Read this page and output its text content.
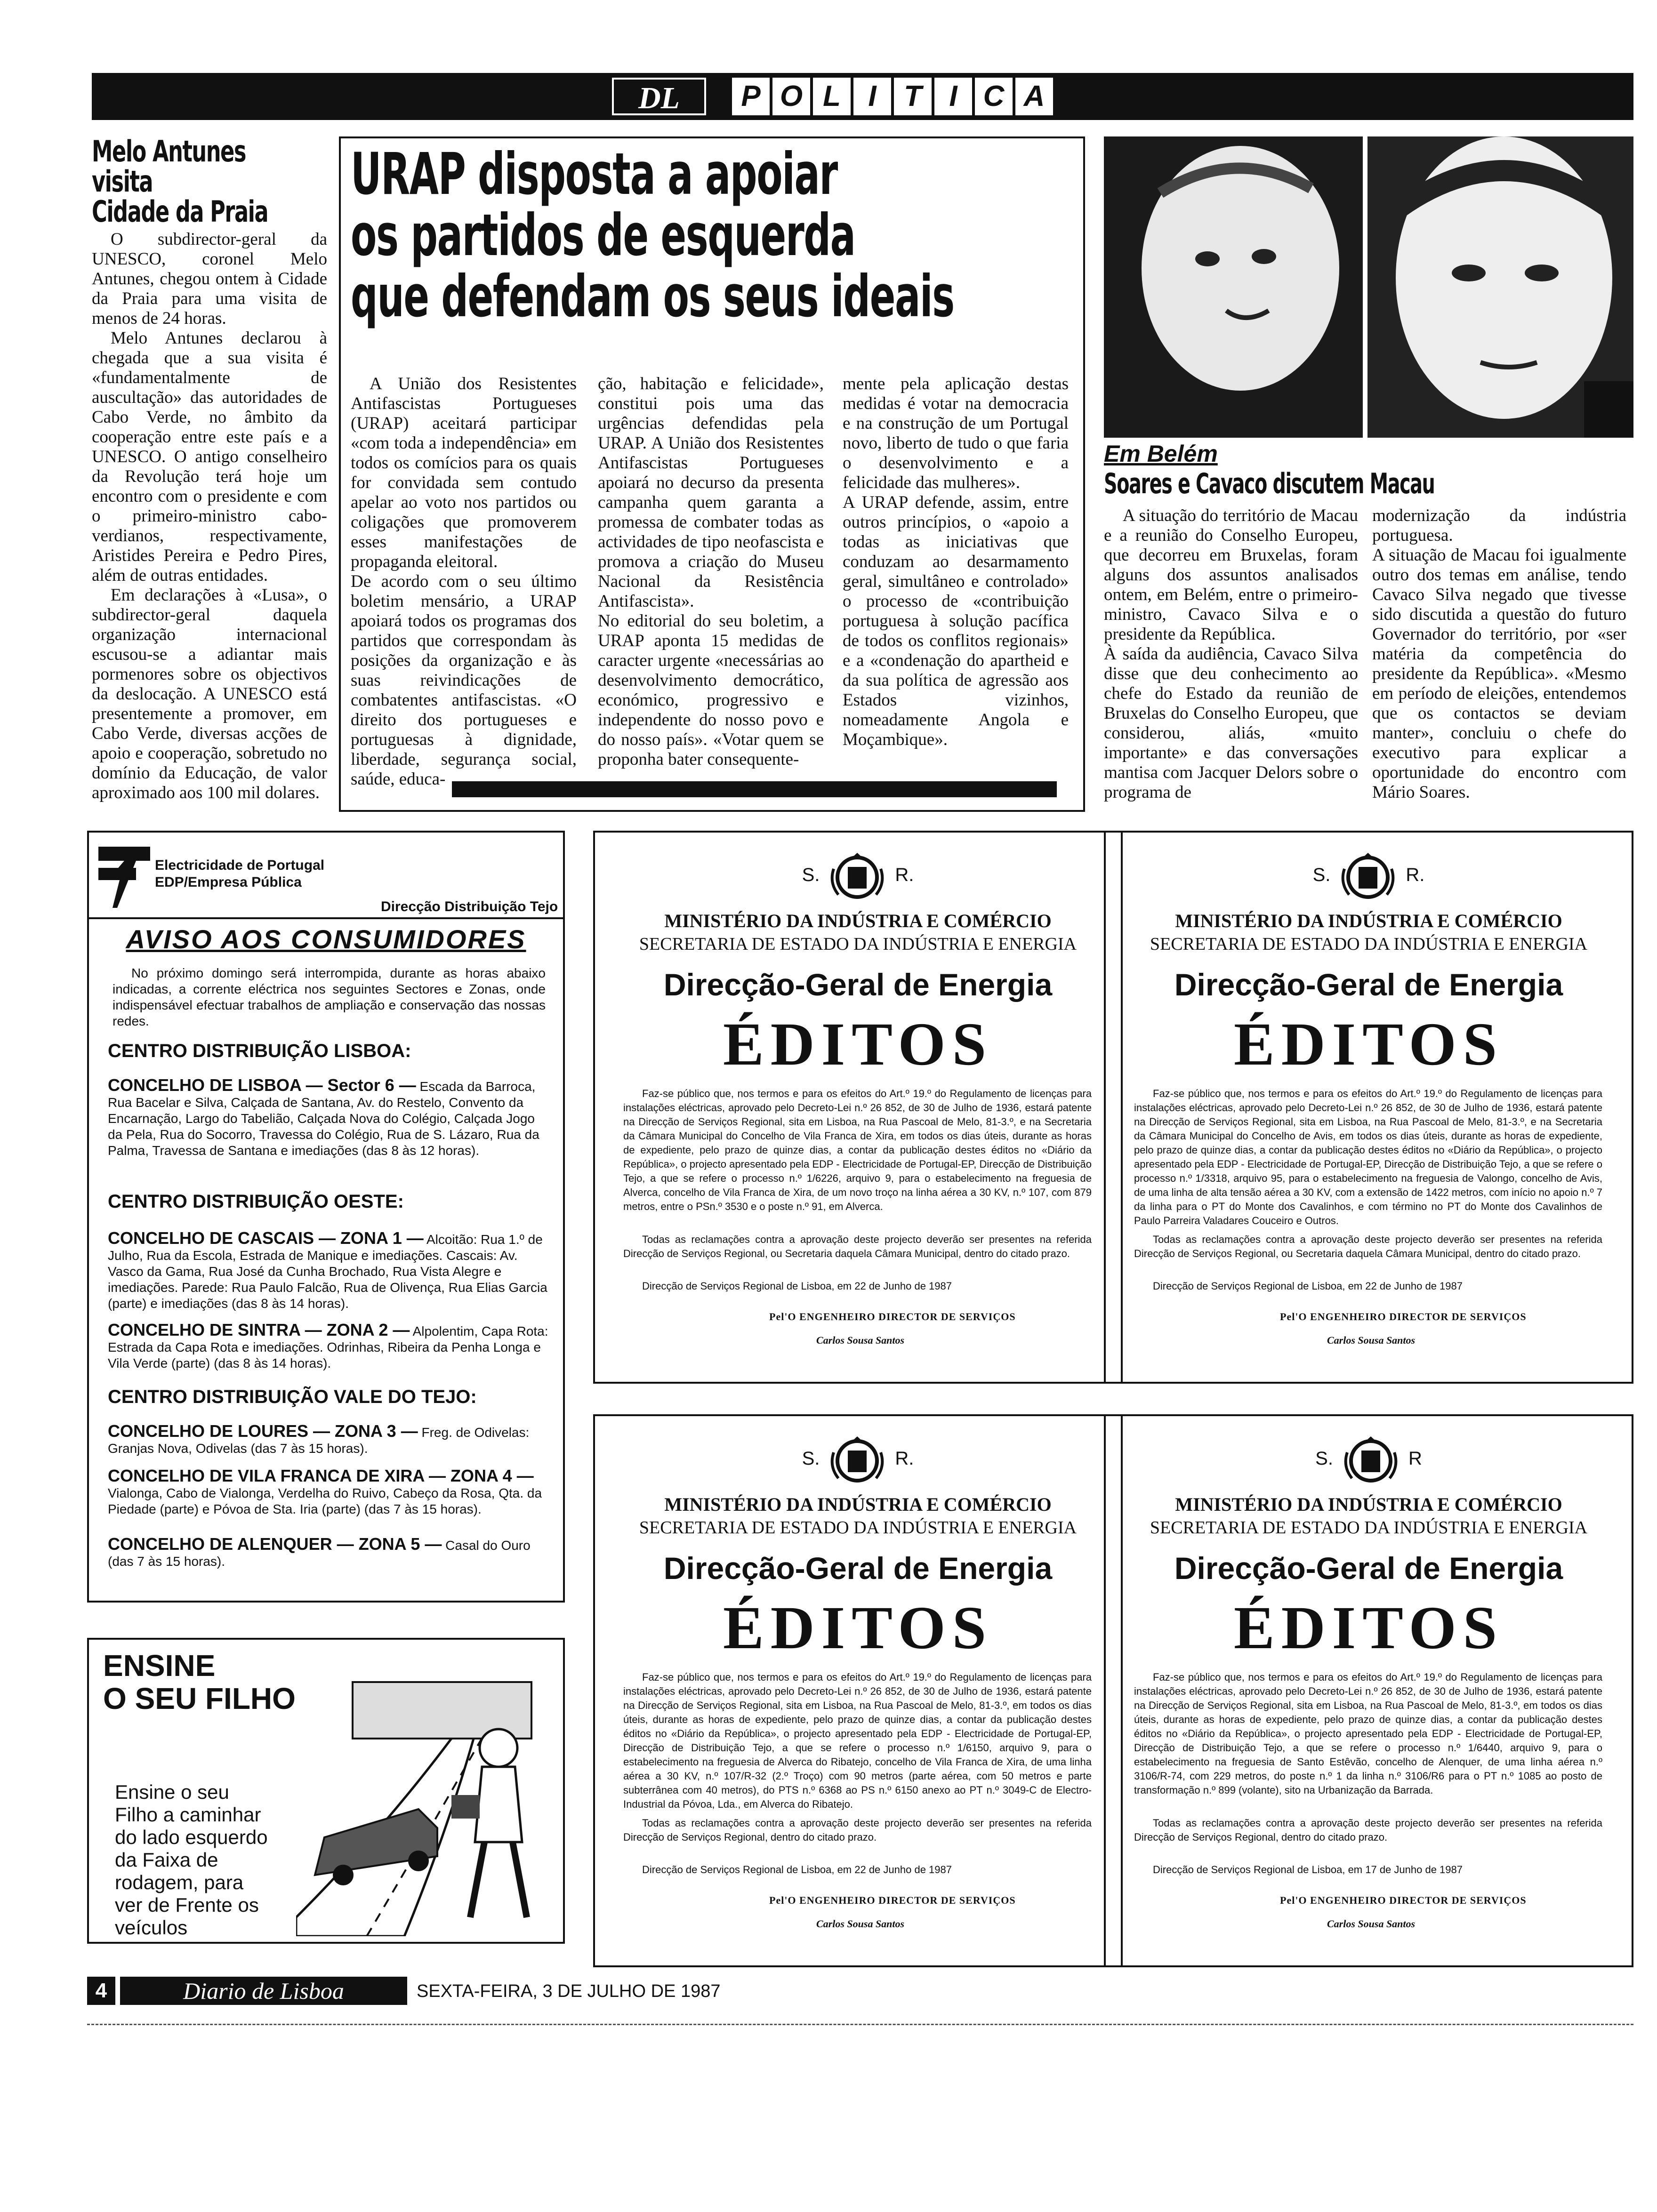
DL	P O L I T I C A
Melo Antunes
visita
Cidade da Praia
O subdirector-geral da UNESCO, coronel Melo Antunes, chegou ontem à Cidade da Praia para uma visita de menos de 24 horas.
Melo Antunes declarou à chegada que a sua visita é «fundamentalmente de auscultação» das autoridades de Cabo Verde, no âmbito da cooperação entre este país e a UNESCO. O antigo conselheiro da Revolução terá hoje um encontro com o presidente e com o primeiro-ministro cabo-verdianos, respectivamente, Aristides Pereira e Pedro Pires, além de outras entidades.
Em declarações à «Lusa», o subdirector-geral daquela organização internacional escusou-se a adiantar mais pormenores sobre os objectivos da deslocação. A UNESCO está presentemente a promover, em Cabo Verde, diversas acções de apoio e cooperação, sobretudo no domínio da Educação, de valor aproximado aos 100 mil dolares.
URAP disposta a apoiar
os partidos de esquerda
que defendam os seus ideais
A União dos Resistentes Antifascistas Portugueses (URAP) aceitará participar «com toda a independência» em todos os comícios para os quais for convidada sem contudo apelar ao voto nos partidos ou coligações que promoverem esses manifestações de propaganda eleitoral.
De acordo com o seu último boletim mensário, a URAP apoiará todos os programas dos partidos que correspondam às posições da organização e às suas reivindicações de combatentes antifascistas. «O direito dos portugueses e portuguesas à dignidade, liberdade, segurança social, saúde, educa-
ção, habitação e felicidade», constitui pois uma das urgências defendidas pela URAP. A União dos Resistentes Antifascistas Portugueses apoiará no decurso da presenta campanha quem garanta a promessa de combater todas as actividades de tipo neofascista e promova a criação do Museu Nacional da Resistência Antifascista».
No editorial do seu boletim, a URAP aponta 15 medidas de caracter urgente «necessárias ao desenvolvimento democrático, económico, progressivo e independente do nosso povo e do nosso país». «Votar quem se proponha bater consequente-
mente pela aplicação destas medidas é votar na democracia e na construção de um Portugal novo, liberto de tudo o que faria o desenvolvimento e a felicidade das mulheres».
A URAP defende, assim, entre outros princípios, o «apoio a todas as iniciativas que conduzam ao desarmamento geral, simultâneo e controlado» o processo de «contribuição portuguesa à solução pacífica de todos os conflitos regionais» e a «condenação do apartheid e da sua política de agressão aos Estados vizinhos, nomeadamente Angola e Moçambique».
Em Belém
Soares e Cavaco discutem Macau
A situação do território de Macau e a reunião do Conselho Europeu, que decorreu em Bruxelas, foram alguns dos assuntos analisados ontem, em Belém, entre o primeiro-ministro, Cavaco Silva e o presidente da República.
À saída da audiência, Cavaco Silva disse que deu conhecimento ao chefe do Estado da reunião de Bruxelas do Conselho Europeu, que considerou, aliás, «muito importante» e das conversações mantisa com Jacquer Delors sobre o programa de
modernização da indústria portuguesa.
A situação de Macau foi igualmente outro dos temas em análise, tendo Cavaco Silva negado que tivesse sido discutida a questão do futuro Governador do território, por «ser matéria da competência do presidente da República». «Mesmo em período de eleições, entendemos que os contactos se deviam manter», concluiu o chefe do executivo para explicar a oportunidade do encontro com Mário Soares.
Electricidade de Portugal
EDP/Empresa Pública
Direcção Distribuição Tejo
AVISO AOS CONSUMIDORES
No próximo domingo será interrompida, durante as horas abaixo indicadas, a corrente eléctrica nos seguintes Sectores e Zonas, onde indispensável efectuar trabalhos de ampliação e conservação das nossas redes.
CENTRO DISTRIBUIÇÃO LISBOA:
CONCELHO DE LISBOA — Sector 6 — Escada da Barroca, Rua Bacelar e Silva, Calçada de Santana, Av. do Restelo, Convento da Encarnação, Largo do Tabelião, Calçada Nova do Colégio, Calçada Jogo da Pela, Rua do Socorro, Travessa do Colégio, Rua de S. Lázaro, Rua da Palma, Travessa de Santana e imediações (das 8 às 12 horas).
CENTRO DISTRIBUIÇÃO OESTE:
CONCELHO DE CASCAIS — ZONA 1 — Alcoitão: Rua 1.º de Julho, Rua da Escola, Estrada de Manique e imediações. Cascais: Av. Vasco da Gama, Rua José da Cunha Brochado, Rua Vista Alegre e imediações. Parede: Rua Paulo Falcão, Rua de Olivença, Rua Elias Garcia (parte) e imediações (das 8 às 14 horas).
CONCELHO DE SINTRA — ZONA 2 — Alpolentim, Capa Rota: Estrada da Capa Rota e imediações. Odrinhas, Ribeira da Penha Longa e Vila Verde (parte) (das 8 às 14 horas).
CENTRO DISTRIBUIÇÃO VALE DO TEJO:
CONCELHO DE LOURES — ZONA 3 — Freg. de Odivelas: Granjas Nova, Odivelas (das 7 às 15 horas).
CONCELHO DE VILA FRANCA DE XIRA — ZONA 4 — Vialonga, Cabo de Vialonga, Verdelha do Ruivo, Cabeço da Rosa, Qta. da Piedade (parte) e Póvoa de Sta. Iria (parte) (das 7 às 15 horas).
CONCELHO DE ALENQUER — ZONA 5 — Casal do Ouro (das 7 às 15 horas).
ENSINE
O SEU FILHO
Ensine o seu Filho a caminhar do lado esquerdo da Faixa de rodagem, para ver de Frente os veículos
S.	R.
MINISTÉRIO DA INDÚSTRIA E COMÉRCIO
SECRETARIA DE ESTADO DA INDÚSTRIA E ENERGIA
Direcção-Geral de Energia
ÉDITOS
Faz-se público que, nos termos e para os efeitos do Art.º 19.º do Regulamento de licenças para instalações eléctricas, aprovado pelo Decreto-Lei n.º 26 852, de 30 de Julho de 1936, estará patente na Direcção de Serviços Regional, sita em Lisboa, na Rua Pascoal de Melo, 81-3.º, e na Secretaria da Câmara Municipal do Concelho de Vila Franca de Xira, em todos os dias úteis, durante as horas de expediente, pelo prazo de quinze dias, a contar da publicação destes éditos no «Diário da República», o projecto apresentado pela EDP - Electricidade de Portugal-EP, Direcção de Distribuição Tejo, a que se refere o processo n.º 1/6226, arquivo 9, para o estabelecimento na freguesia de Alverca, concelho de Vila Franca de Xira, de um novo troço na linha aérea a 30 KV, n.º 107, com 879 metros, entre o PSn.º 3530 e o poste n.º 91, em Alverca.
Todas as reclamações contra a aprovação deste projecto deverão ser presentes na referida Direcção de Serviços Regional, ou Secretaria daquela Câmara Municipal, dentro do citado prazo.
Direcção de Serviços Regional de Lisboa, em 22 de Junho de 1987
Pel'O ENGENHEIRO DIRECTOR DE SERVIÇOS
Carlos Sousa Santos
S.	R.
MINISTÉRIO DA INDÚSTRIA E COMÉRCIO
SECRETARIA DE ESTADO DA INDÚSTRIA E ENERGIA
Direcção-Geral de Energia
ÉDITOS
Faz-se público que, nos termos e para os efeitos do Art.º 19.º do Regulamento de licenças para instalações eléctricas, aprovado pelo Decreto-Lei n.º 26 852, de 30 de Julho de 1936, estará patente na Direcção de Serviços Regional, sita em Lisboa, na Rua Pascoal de Melo, 81-3.º, e na Secretaria da Câmara Municipal do Concelho de Avis, em todos os dias úteis, durante as horas de expediente, pelo prazo de quinze dias, a contar da publicação destes éditos no «Diário da República», o projecto apresentado pela EDP - Electricidade de Portugal-EP, Direcção de Distribuição Tejo, a que se refere o processo n.º 1/3318, arquivo 95, para o estabelecimento na freguesia de Valongo, concelho de Avis, de uma linha de alta tensão aérea a 30 KV, com a extensão de 1422 metros, com início no apoio n.º 7 da linha para o PT do Monte dos Cavalinhos, e com término no PT do Monte dos Cavalinhos de Paulo Parreira Valadares Couceiro e Outros.
Todas as reclamações contra a aprovação deste projecto deverão ser presentes na referida Direcção de Serviços Regional, ou Secretaria daquela Câmara Municipal, dentro do citado prazo.
Direcção de Serviços Regional de Lisboa, em 22 de Junho de 1987
Pel'O ENGENHEIRO DIRECTOR DE SERVIÇOS
Carlos Sousa Santos
S.	R.
MINISTÉRIO DA INDÚSTRIA E COMÉRCIO
SECRETARIA DE ESTADO DA INDÚSTRIA E ENERGIA
Direcção-Geral de Energia
ÉDITOS
Faz-se público que, nos termos e para os efeitos do Art.º 19.º do Regulamento de licenças para instalações eléctricas, aprovado pelo Decreto-Lei n.º 26 852, de 30 de Julho de 1936, estará patente na Direcção de Serviços Regional, sita em Lisboa, na Rua Pascoal de Melo, 81-3.º, em todos os dias úteis, durante as horas de expediente, pelo prazo de quinze dias, a contar da publicação destes éditos no «Diário da República», o projecto apresentado pela EDP - Electricidade de Portugal-EP, Direcção de Distribuição Tejo, a que se refere o processo n.º 1/6150, arquivo 9, para o estabelecimento na freguesia de Alverca do Ribatejo, concelho de Vila Franca de Xira, de uma linha aérea a 30 KV, n.º 107/R-32 (2.º Troço) com 90 metros (parte aérea, com 50 metros e parte subterrânea com 40 metros), do PTS n.º 6368 ao PS n.º 6150 anexo ao PT n.º 3049-C de Electro-Industrial da Póvoa, Lda., em Alverca do Ribatejo.
Todas as reclamações contra a aprovação deste projecto deverão ser presentes na referida Direcção de Serviços Regional, dentro do citado prazo.
Direcção de Serviços Regional de Lisboa, em 22 de Junho de 1987
Pel'O ENGENHEIRO DIRECTOR DE SERVIÇOS
Carlos Sousa Santos
S.	R
MINISTÉRIO DA INDÚSTRIA E COMÉRCIO
SECRETARIA DE ESTADO DA INDÚSTRIA E ENERGIA
Direcção-Geral de Energia
ÉDITOS
Faz-se público que, nos termos e para os efeitos do Art.º 19.º do Regulamento de licenças para instalações eléctricas, aprovado pelo Decreto-Lei n.º 26 852, de 30 de Julho de 1936, estará patente na Direcção de Serviços Regional, sita em Lisboa, na Rua Pascoal de Melo, 81-3.º, em todos os dias úteis, durante as horas de expediente, pelo prazo de quinze dias, a contar da publicação destes éditos no «Diário da República», o projecto apresentado pela EDP - Electricidade de Portugal-EP, Direcção de Distribuição Tejo, a que se refere o processo n.º 1/6440, arquivo 9, para o estabelecimento na freguesia de Santo Estêvão, concelho de Alenquer, de uma linha aérea n.º 3106/R-74, com 229 metros, do poste n.º 1 da linha n.º 3106/R6 para o PT n.º 1085 ao posto de transformação n.º 899 (volante), sito na Urbanização da Barrada.
Todas as reclamações contra a aprovação deste projecto deverão ser presentes na referida Direcção de Serviços Regional, dentro do citado prazo.
Direcção de Serviços Regional de Lisboa, em 17 de Junho de 1987
Pel'O ENGENHEIRO DIRECTOR DE SERVIÇOS
Carlos Sousa Santos
4	Diario de Lisboa	SEXTA-FEIRA, 3 DE JULHO DE 1987
